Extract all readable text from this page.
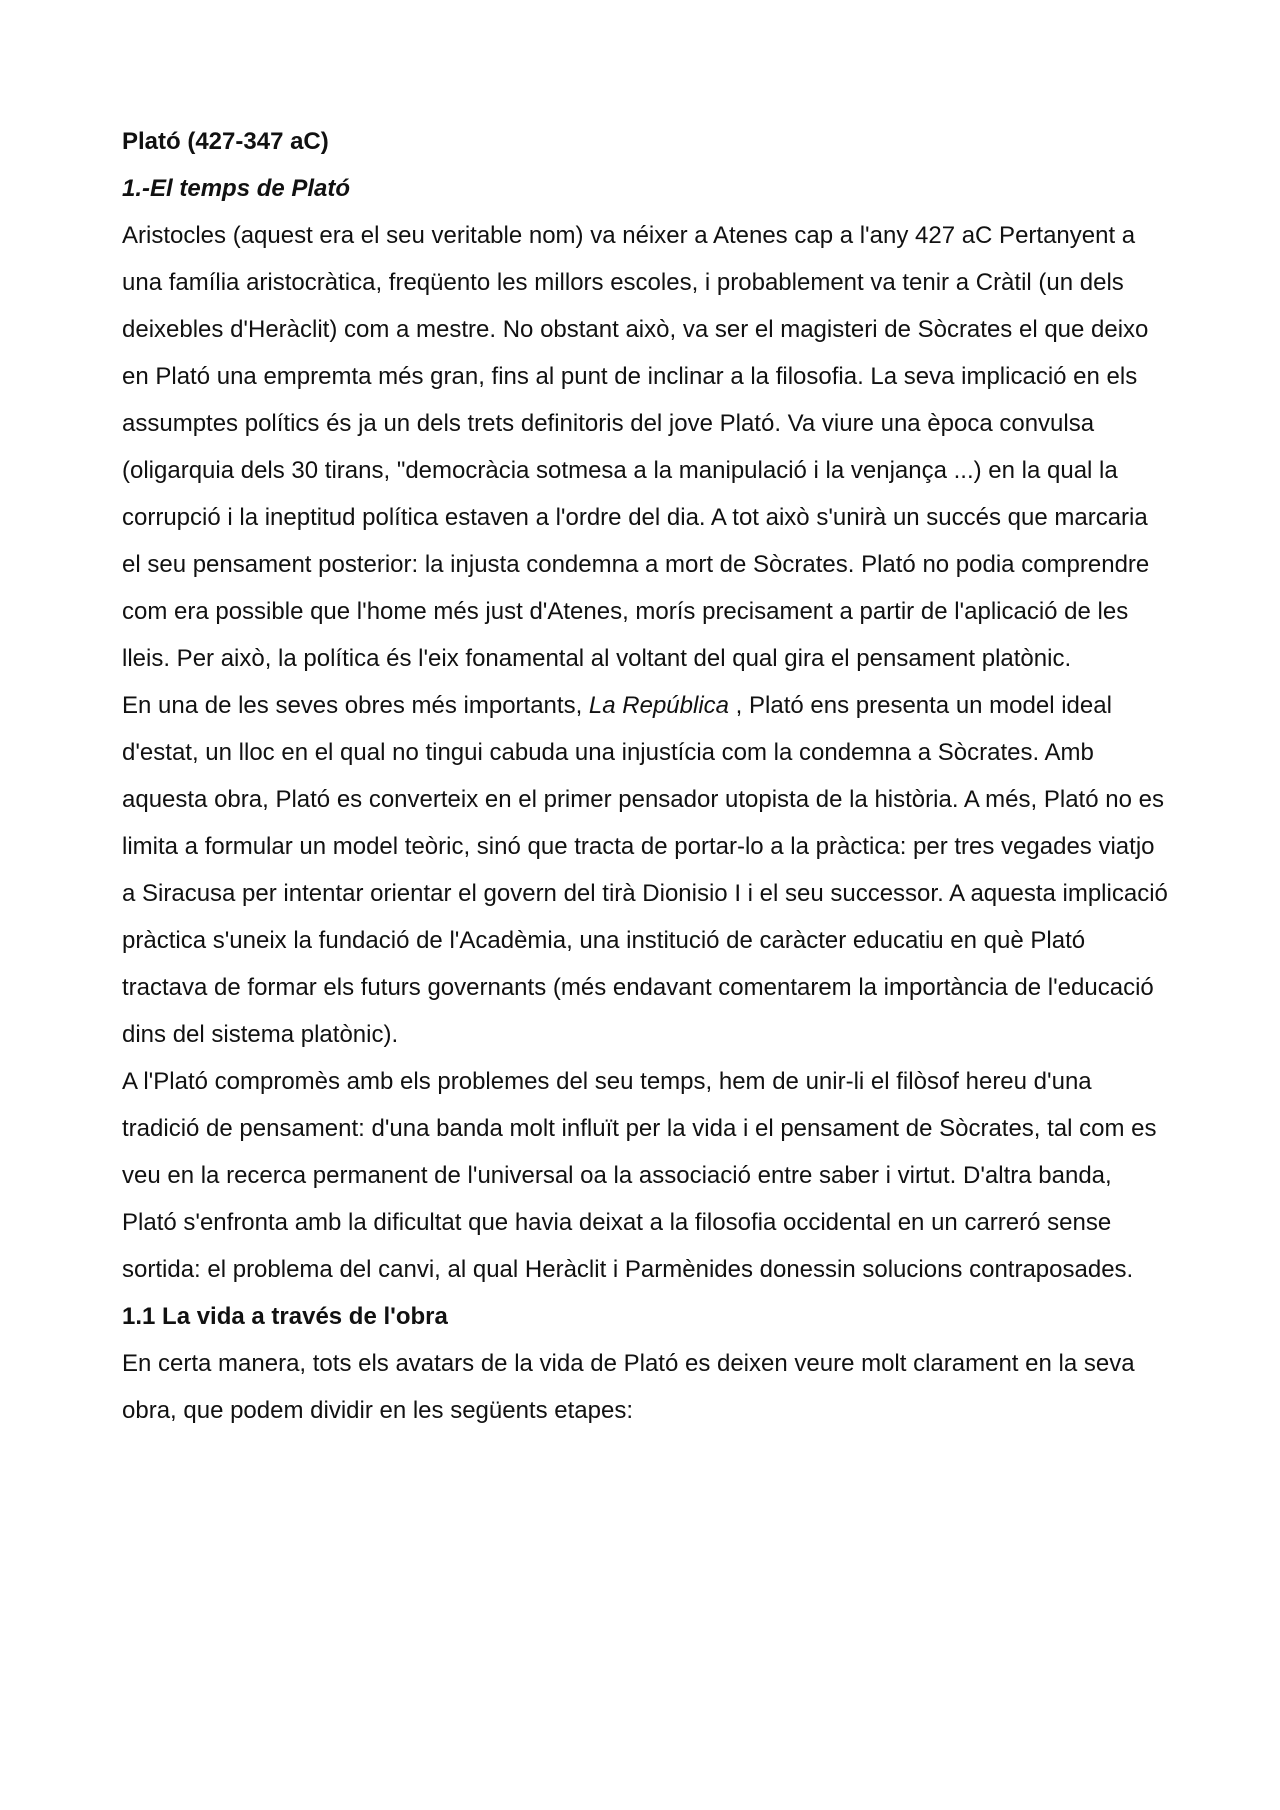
Plató (427-347 aC)

1.-El temps de Plató

Aristocles (aquest era el seu veritable nom) va néixer a Atenes cap a l'any 427 aC Pertanyent a una família aristocràtica, freqüento les millors escoles, i probablement va tenir a Cràtil (un dels deixebles d'Heràclit) com a mestre. No obstant això, va ser el magisteri de Sòcrates el que deixo en Plató una empremta més gran, fins al punt de inclinar a la filosofia. La seva implicació en els assumptes polítics és ja un dels trets definitoris del jove Plató. Va viure una època convulsa (oligarquia dels 30 tirans, "democràcia sotmesa a la manipulació i la venjança ...) en la qual la corrupció i la ineptitud política estaven a l'ordre del dia. A tot això s'unirà un succés que marcaria el seu pensament posterior: la injusta condemna a mort de Sòcrates. Plató no podia comprendre com era possible que l'home més just d'Atenes, morís precisament a partir de l'aplicació de les lleis. Per això, la política és l'eix fonamental al voltant del qual gira el pensament platònic.

En una de les seves obres més importants, La República , Plató ens presenta un model ideal d'estat, un lloc en el qual no tingui cabuda una injustícia com la condemna a Sòcrates. Amb aquesta obra, Plató es converteix en el primer pensador utopista de la història. A més, Plató no es limita a formular un model teòric, sinó que tracta de portar-lo a la pràctica: per tres vegades viatjo a Siracusa per intentar orientar el govern del tirà Dionisio I i el seu successor. A aquesta implicació pràctica s'uneix la fundació de l'Acadèmia, una institució de caràcter educatiu en què Plató tractava de formar els futurs governants (més endavant comentarem la importància de l'educació dins del sistema platònic).

A l'Plató compromès amb els problemes del seu temps, hem de unir-li el filòsof hereu d'una tradició de pensament: d'una banda molt influït per la vida i el pensament de Sòcrates, tal com es veu en la recerca permanent de l'universal oa la associació entre saber i virtut. D'altra banda, Plató s'enfronta amb la dificultat que havia deixat a la filosofia occidental en un carreró sense sortida: el problema del canvi, al qual Heràclit i Parmènides donessin solucions contraposades.

1.1 La vida a través de l'obra

En certa manera, tots els avatars de la vida de Plató es deixen veure molt clarament en la seva obra, que podem dividir en les següents etapes:
